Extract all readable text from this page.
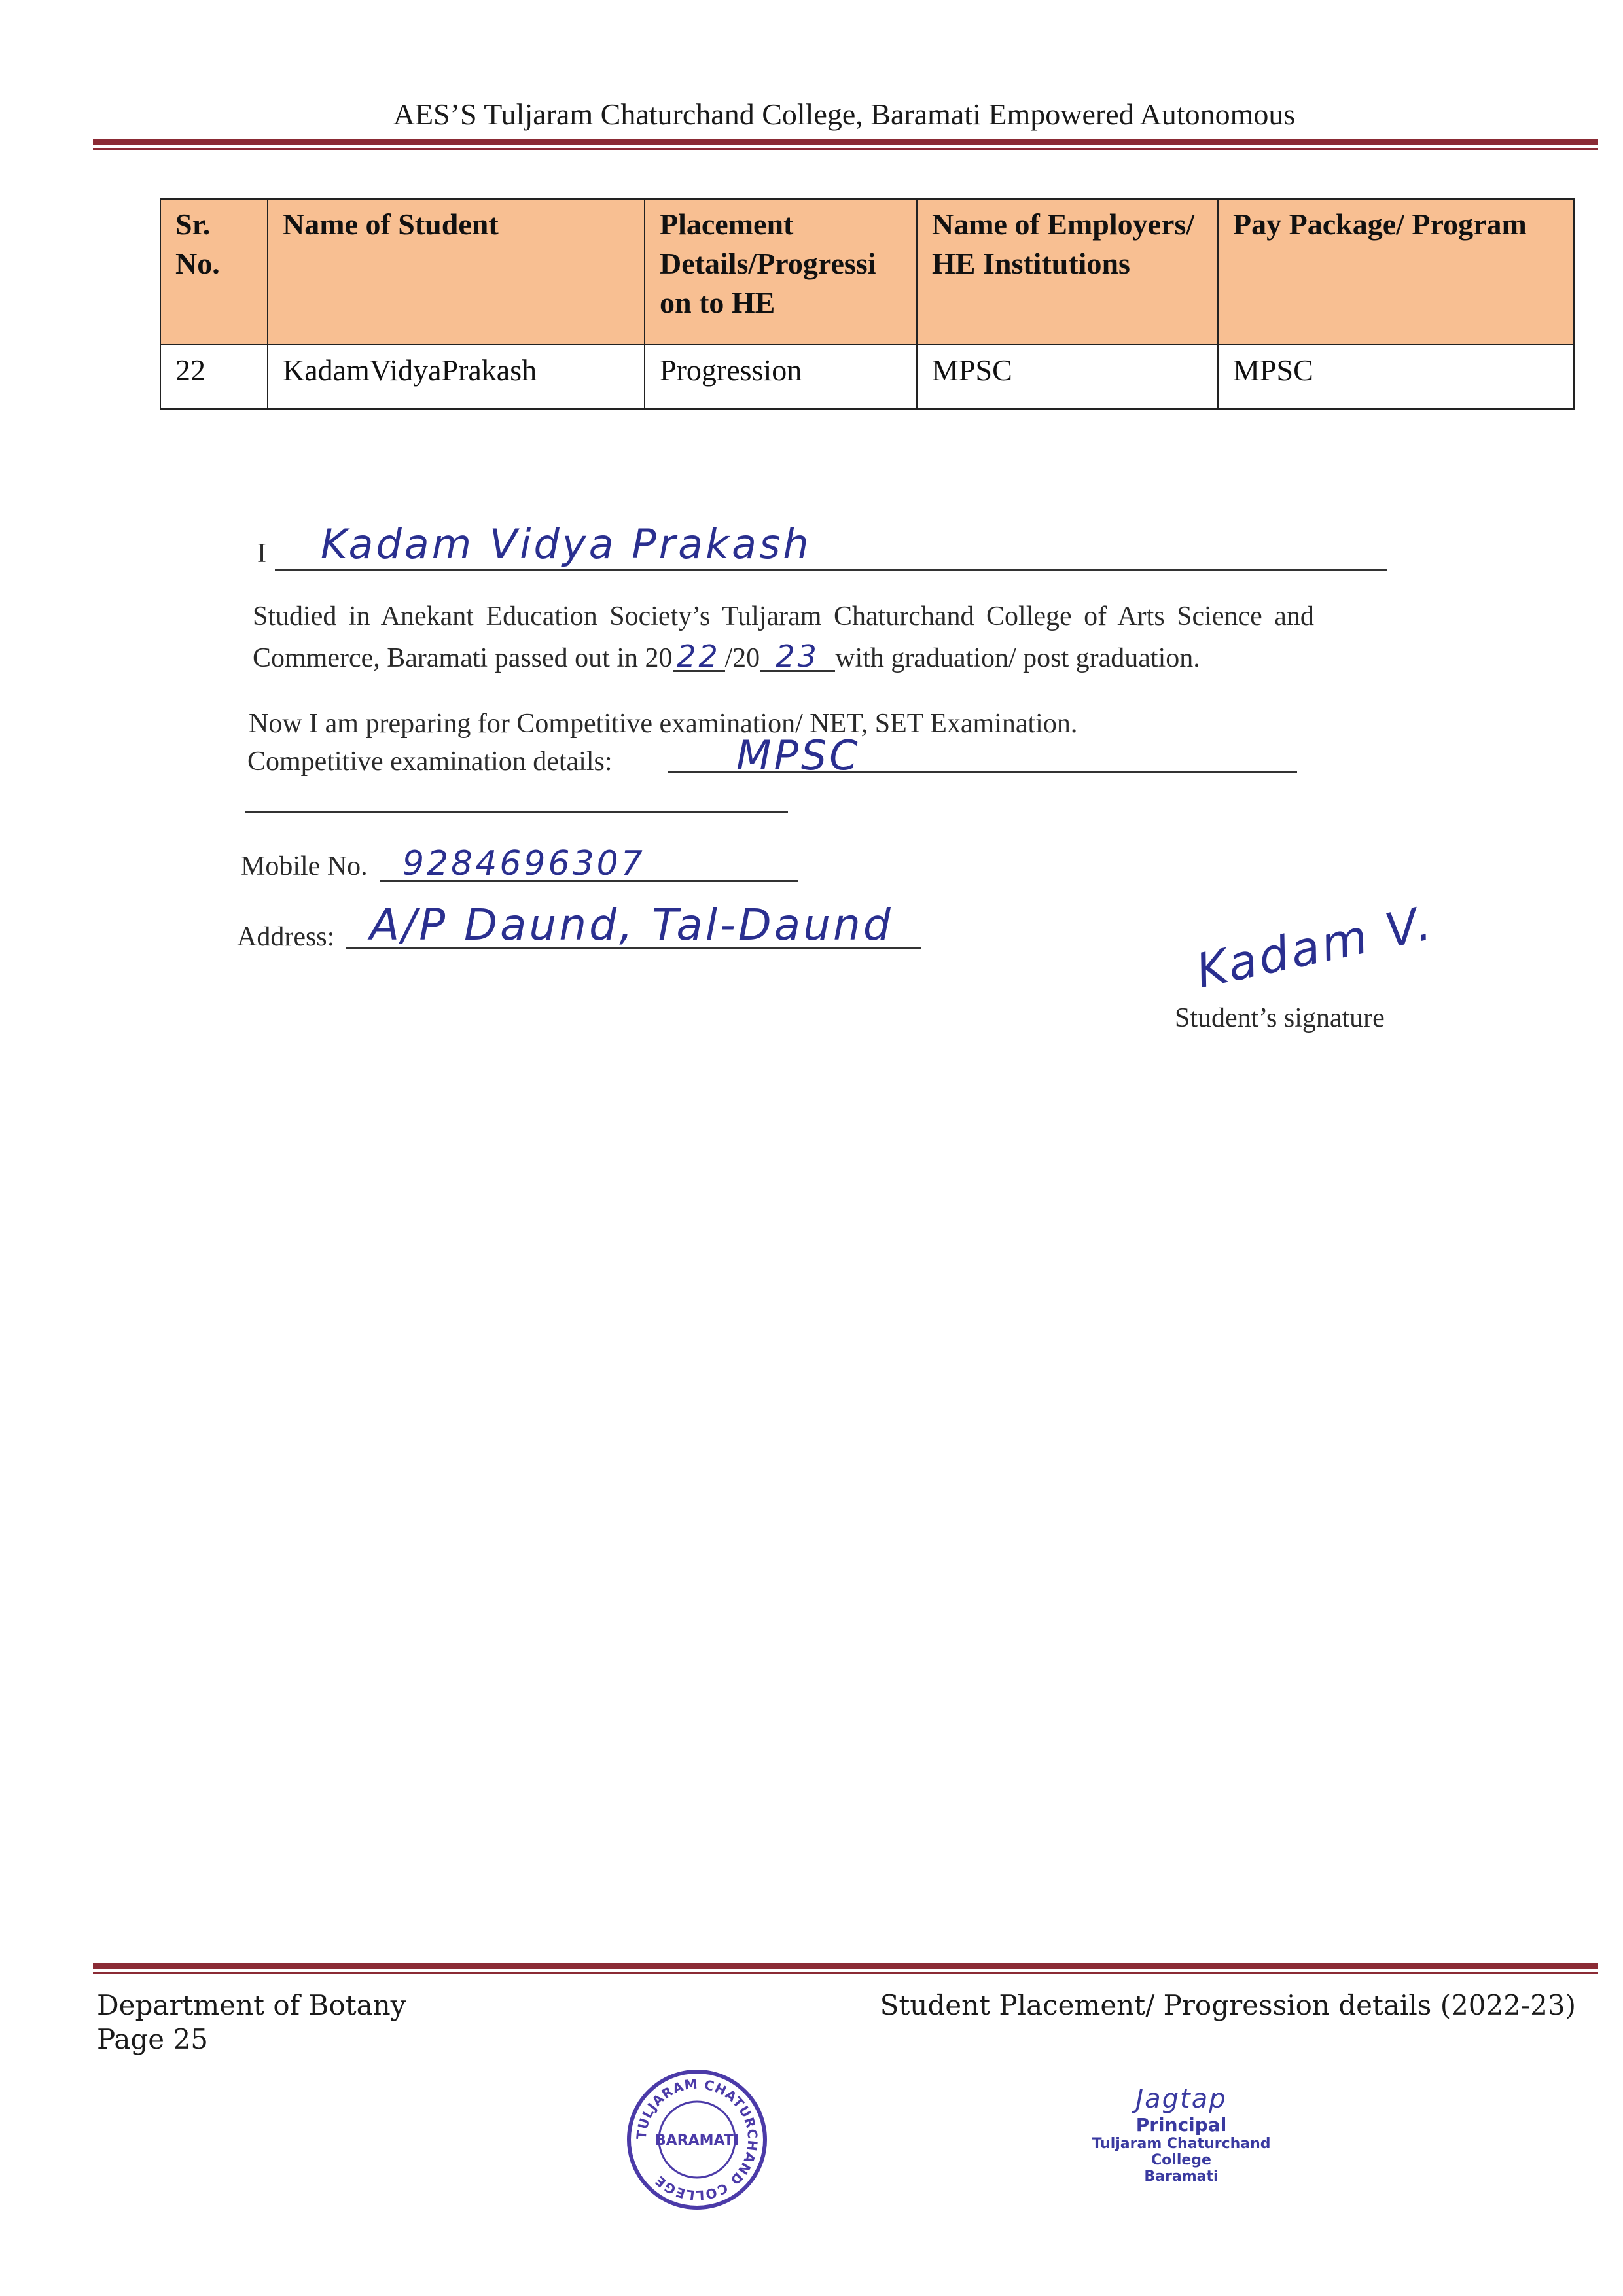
AES’S Tuljaram Chaturchand College, Baramati Empowered Autonomous
Sr. No.	Name of Student	Placement Details/Progressi on to HE	Name of Employers/ HE Institutions	Pay Package/ Program
22	KadamVidyaPrakash	Progression	MPSC	MPSC
I Kadam Vidya Prakash
Studied in Anekant Education Society’s Tuljaram Chaturchand College of Arts Science and
Commerce, Baramati passed out in 20 22 /20 23 with graduation/ post graduation.
Now I am preparing for Competitive examination/ NET, SET Examination.
Competitive examination details:	MPSC
Mobile No. 9284696307
Address: A/P Daund, Tal-Daund	Kadam V.
Student’s signature
Department of Botany
Page 25
Student Placement/ Progression details (2022-23)
TULJARAM CHATURCHAND COLLEGE
BARAMATI
Jagtap
Principal
Tuljaram Chaturchand College
Baramati
